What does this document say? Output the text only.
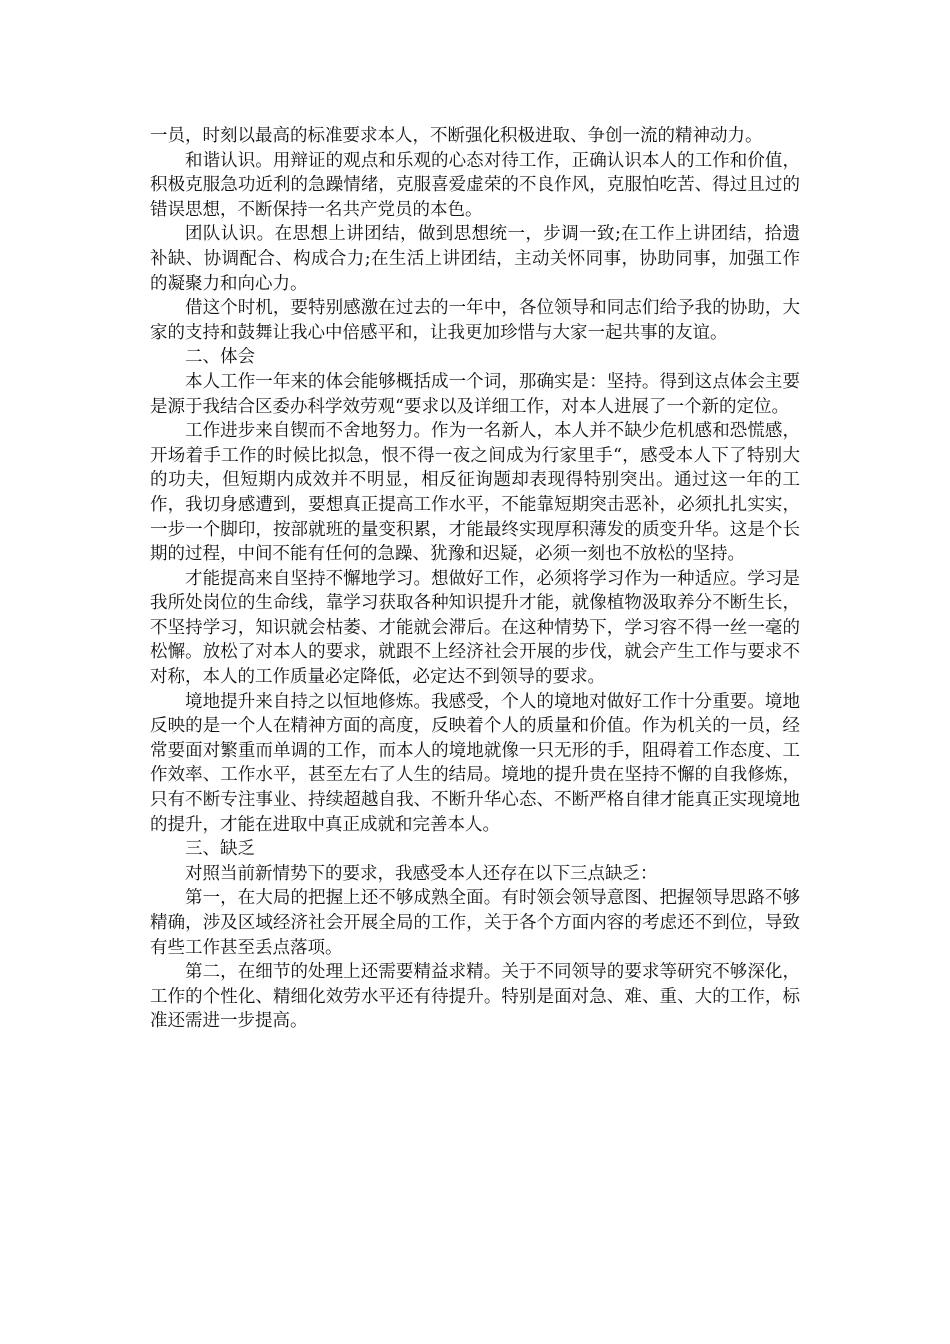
一员，时刻以最高的标准要求本人，不断强化积极进取、争创一流的精神动力。

和谐认识。用辩证的观点和乐观的心态对待工作，正确认识本人的工作和价值，积极克服急功近利的急躁情绪，克服喜爱虚荣的不良作风，克服怕吃苦、得过且过的错误思想，不断保持一名共产党员的本色。

团队认识。在思想上讲团结，做到思想统一，步调一致;在工作上讲团结，拾遗补缺、协调配合、构成合力;在生活上讲团结，主动关怀同事，协助同事，加强工作的凝聚力和向心力。

借这个时机，要特别感激在过去的一年中，各位领导和同志们给予我的协助，大家的支持和鼓舞让我心中倍感平和，让我更加珍惜与大家一起共事的友谊。

二、体会

本人工作一年来的体会能够概括成一个词，那确实是：坚持。得到这点体会主要是源于我结合区委办科学效劳观“要求以及详细工作，对本人进展了一个新的定位。

工作进步来自锲而不舍地努力。作为一名新人，本人并不缺少危机感和恐慌感，开场着手工作的时候比拟急，恨不得一夜之间成为行家里手“，感受本人下了特别大的功夫，但短期内成效并不明显，相反征询题却表现得特别突出。通过这一年的工作，我切身感遭到，要想真正提高工作水平，不能靠短期突击恶补，必须扎扎实实，一步一个脚印，按部就班的量变积累，才能最终实现厚积薄发的质变升华。这是个长期的过程，中间不能有任何的急躁、犹豫和迟疑，必须一刻也不放松的坚持。

才能提高来自坚持不懈地学习。想做好工作，必须将学习作为一种适应。学习是我所处岗位的生命线，靠学习获取各种知识提升才能，就像植物汲取养分不断生长，不坚持学习，知识就会枯萎、才能就会滞后。在这种情势下，学习容不得一丝一毫的松懈。放松了对本人的要求，就跟不上经济社会开展的步伐，就会产生工作与要求不对称，本人的工作质量必定降低，必定达不到领导的要求。

境地提升来自持之以恒地修炼。我感受，个人的境地对做好工作十分重要。境地反映的是一个人在精神方面的高度，反映着个人的质量和价值。作为机关的一员，经常要面对繁重而单调的工作，而本人的境地就像一只无形的手，阻碍着工作态度、工作效率、工作水平，甚至左右了人生的结局。境地的提升贵在坚持不懈的自我修炼，只有不断专注事业、持续超越自我、不断升华心态、不断严格自律才能真正实现境地的提升，才能在进取中真正成就和完善本人。

三、缺乏

对照当前新情势下的要求，我感受本人还存在以下三点缺乏：

第一，在大局的把握上还不够成熟全面。有时领会领导意图、把握领导思路不够精确，涉及区域经济社会开展全局的工作，关于各个方面内容的考虑还不到位，导致有些工作甚至丢点落项。

第二，在细节的处理上还需要精益求精。关于不同领导的要求等研究不够深化，工作的个性化、精细化效劳水平还有待提升。特别是面对急、难、重、大的工作，标准还需进一步提高。
